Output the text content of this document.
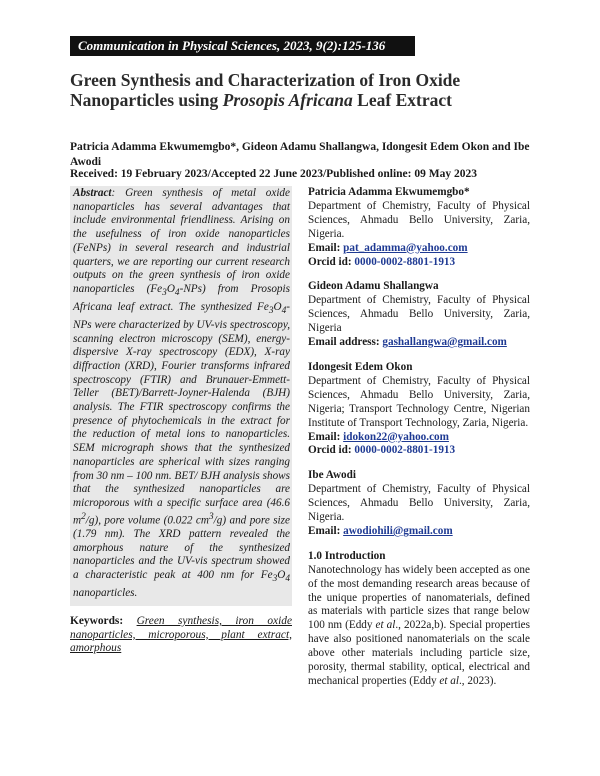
Communication in Physical Sciences, 2023, 9(2):125-136
Green Synthesis and Characterization of Iron Oxide Nanoparticles using Prosopis Africana Leaf Extract
Patricia Adamma Ekwumemgbo*, Gideon Adamu Shallangwa, Idongesit Edem Okon and Ibe Awodi
Received: 19 February 2023/Accepted 22 June 2023/Published online: 09 May 2023
Abstract: Green synthesis of metal oxide nanoparticles has several advantages that include environmental friendliness. Arising on the usefulness of iron oxide nanoparticles (FeNPs) in several research and industrial quarters, we are reporting our current research outputs on the green synthesis of iron oxide nanoparticles $(Fe_3O_4-NPs)$ from Prosopis Africana leaf extract. The synthesized $Fe_3O_4$-NPs were characterized by UV-vis spectroscopy, scanning electron microscopy (SEM), energy-dispersive X-ray spectroscopy (EDX), X-ray diffraction (XRD), Fourier transforms infrared spectroscopy (FTIR) and Brunauer-Emmett-Teller (BET)/Barrett-Joyner-Halenda (BJH) analysis. The FTIR spectroscopy confirms the presence of phytochemicals in the extract for the reduction of metal ions to nanoparticles. SEM micrograph shows that the synthesized nanoparticles are spherical with sizes ranging from 30 nm – 100 nm. BET/ BJH analysis shows that the synthesized nanoparticles are microporous with a specific surface area (46.6 $m^2/g$), pore volume (0.022 $cm^3/g$) and pore size (1.79 nm). The XRD pattern revealed the amorphous nature of the synthesized nanoparticles and the UV-vis spectrum showed a characteristic peak at 400 nm for $Fe_3O_4$ nanoparticles.
Keywords: Green synthesis, iron oxide nanoparticles, microporous, plant extract, amorphous
Patricia Adamma Ekwumemgbo*
Department of Chemistry, Faculty of Physical Sciences, Ahmadu Bello University, Zaria, Nigeria.
Email: pat_adamma@yahoo.com
Orcid id: 0000-0002-8801-1913
Gideon Adamu Shallangwa
Department of Chemistry, Faculty of Physical Sciences, Ahmadu Bello University, Zaria, Nigeria
Email address: gashallangwa@gmail.com
Idongesit Edem Okon
Department of Chemistry, Faculty of Physical Sciences, Ahmadu Bello University, Zaria, Nigeria; Transport Technology Centre, Nigerian Institute of Transport Technology, Zaria, Nigeria.
Email: idokon22@yahoo.com
Orcid id: 0000-0002-8801-1913
Ibe Awodi
Department of Chemistry, Faculty of Physical Sciences, Ahmadu Bello University, Zaria, Nigeria.
Email: awodiohili@gmail.com
1.0 Introduction

Nanotechnology has widely been accepted as one of the most demanding research areas because of the unique properties of nanomaterials, defined as materials with particle sizes that range below 100 nm (Eddy et al., 2022a,b). Special properties have also positioned nanomaterials on the scale above other materials including particle size, porosity, thermal stability, optical, electrical and mechanical properties (Eddy et al., 2023).
